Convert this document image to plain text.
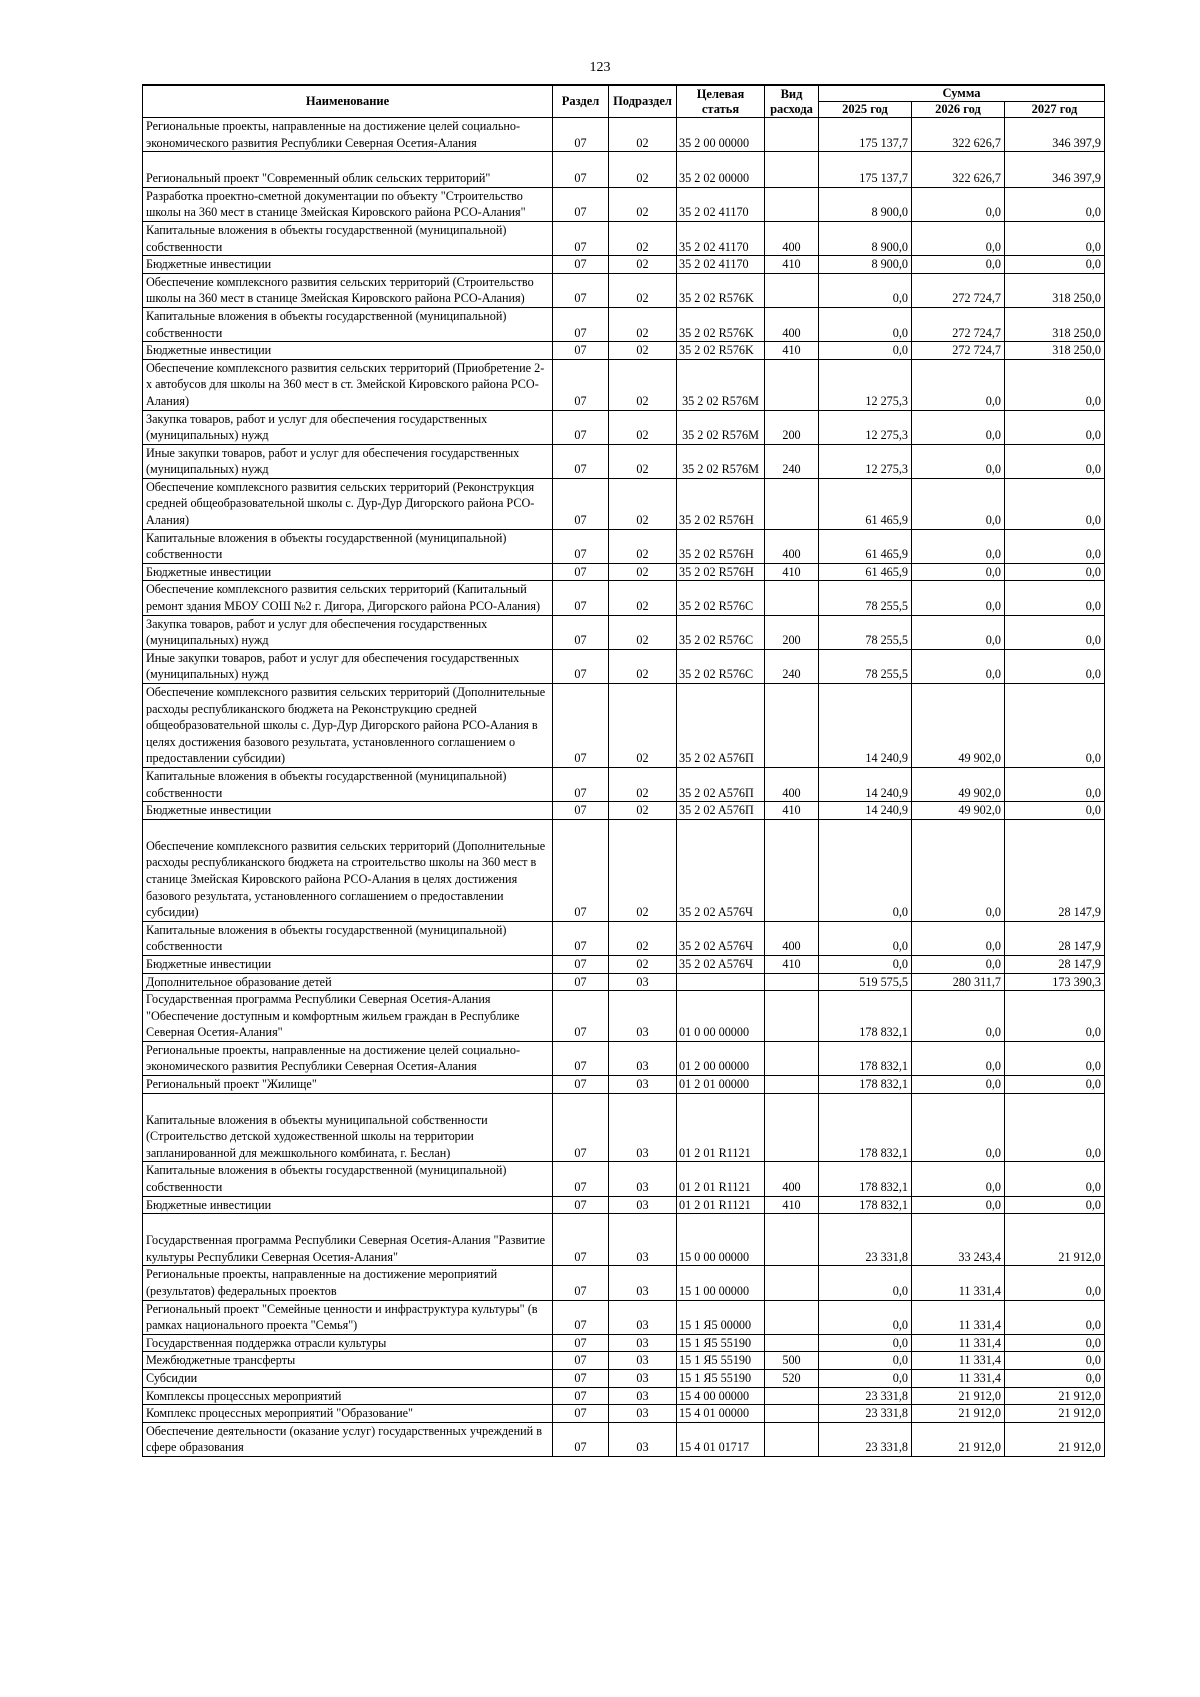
123
Наименование	Раздел	Подраздел	Целевая статья	Вид расхода	Сумма		
					2025 год	2026 год	2027 год
Региональные проекты, направленные на достижение целей социально-экономического развития Республики Северная Осетия-Алания	07	02	35 2 00 00000		175 137,7	322 626,7	346 397,9
Региональный проект "Современный облик сельских территорий"	07	02	35 2 02 00000		175 137,7	322 626,7	346 397,9
Разработка проектно-сметной документации по объекту "Строительство школы на 360 мест в станице Змейская Кировского района РСО-Алания"	07	02	35 2 02 41170		8 900,0	0,0	0,0
Капитальные вложения в объекты государственной (муниципальной) собственности	07	02	35 2 02 41170	400	8 900,0	0,0	0,0
Бюджетные инвестиции	07	02	35 2 02 41170	410	8 900,0	0,0	0,0
Обеспечение комплексного развития сельских территорий (Строительство школы на 360 мест в станице Змейская Кировского района РСО-Алания)	07	02	35 2 02 R576K		0,0	272 724,7	318 250,0
Капитальные вложения в объекты государственной (муниципальной) собственности	07	02	35 2 02 R576K	400	0,0	272 724,7	318 250,0
Бюджетные инвестиции	07	02	35 2 02 R576K	410	0,0	272 724,7	318 250,0
Обеспечение комплексного развития сельских территорий (Приобретение 2-х автобусов для школы на 360 мест в ст. Змейской Кировского района РСО-Алания)	07	02	35 2 02 R576M		12 275,3	0,0	0,0
Закупка товаров, работ и услуг для обеспечения государственных (муниципальных) нужд	07	02	35 2 02 R576M	200	12 275,3	0,0	0,0
Иные закупки товаров, работ и услуг для обеспечения государственных (муниципальных) нужд	07	02	35 2 02 R576M	240	12 275,3	0,0	0,0
Обеспечение комплексного развития сельских территорий (Реконструкция средней общеобразовательной школы с. Дур-Дур Дигорского района РСО-Алания)	07	02	35 2 02 R576H		61 465,9	0,0	0,0
Капитальные вложения в объекты государственной (муниципальной) собственности	07	02	35 2 02 R576H	400	61 465,9	0,0	0,0
Бюджетные инвестиции	07	02	35 2 02 R576H	410	61 465,9	0,0	0,0
Обеспечение комплексного развития сельских территорий (Капитальный ремонт здания МБОУ СОШ №2 г. Дигора, Дигорского района РСО-Алания)	07	02	35 2 02 R576C		78 255,5	0,0	0,0
Закупка товаров, работ и услуг для обеспечения государственных (муниципальных) нужд	07	02	35 2 02 R576C	200	78 255,5	0,0	0,0
Иные закупки товаров, работ и услуг для обеспечения государственных (муниципальных) нужд	07	02	35 2 02 R576C	240	78 255,5	0,0	0,0
Обеспечение комплексного развития сельских территорий (Дополнительные расходы республиканского бюджета на Реконструкцию средней общеобразовательной школы с. Дур-Дур Дигорского района РСО-Алания в целях достижения базового результата, установленного соглашением о предоставлении субсидии)	07	02	35 2 02 A576П		14 240,9	49 902,0	0,0
Капитальные вложения в объекты государственной (муниципальной) собственности	07	02	35 2 02 A576П	400	14 240,9	49 902,0	0,0
Бюджетные инвестиции	07	02	35 2 02 A576П	410	14 240,9	49 902,0	0,0
Обеспечение комплексного развития сельских территорий (Дополнительные расходы республиканского бюджета на строительство школы на 360 мест в станице Змейская Кировского района РСО-Алания в целях достижения базового результата, установленного соглашением о предоставлении субсидии)	07	02	35 2 02 A576Ч		0,0	0,0	28 147,9
Капитальные вложения в объекты государственной (муниципальной) собственности	07	02	35 2 02 A576Ч	400	0,0	0,0	28 147,9
Бюджетные инвестиции	07	02	35 2 02 A576Ч	410	0,0	0,0	28 147,9
Дополнительное образование детей	07	03			519 575,5	280 311,7	173 390,3
Государственная программа Республики Северная Осетия-Алания "Обеспечение доступным и комфортным жильем граждан в Республике Северная Осетия-Алания"	07	03	01 0 00 00000		178 832,1	0,0	0,0
Региональные проекты, направленные на достижение целей социально-экономического развития Республики Северная Осетия-Алания	07	03	01 2 00 00000		178 832,1	0,0	0,0
Региональный проект "Жилище"	07	03	01 2 01 00000		178 832,1	0,0	0,0
Капитальные вложения в объекты муниципальной собственности (Строительство детской художественной школы на территории запланированной для межшкольного комбината, г. Беслан)	07	03	01 2 01 R1121		178 832,1	0,0	0,0
Капитальные вложения в объекты государственной (муниципальной) собственности	07	03	01 2 01 R1121	400	178 832,1	0,0	0,0
Бюджетные инвестиции	07	03	01 2 01 R1121	410	178 832,1	0,0	0,0
Государственная программа Республики Северная Осетия-Алания "Развитие культуры Республики Северная Осетия-Алания"	07	03	15 0 00 00000		23 331,8	33 243,4	21 912,0
Региональные проекты, направленные на достижение мероприятий (результатов) федеральных проектов	07	03	15 1 00 00000		0,0	11 331,4	0,0
Региональный проект "Семейные ценности и инфраструктура культуры" (в рамках национального проекта "Семья")	07	03	15 1 Я5 00000		0,0	11 331,4	0,0
Государственная поддержка отрасли культуры	07	03	15 1 Я5 55190		0,0	11 331,4	0,0
Межбюджетные трансферты	07	03	15 1 Я5 55190	500	0,0	11 331,4	0,0
Субсидии	07	03	15 1 Я5 55190	520	0,0	11 331,4	0,0
Комплексы процессных мероприятий	07	03	15 4 00 00000		23 331,8	21 912,0	21 912,0
Комплекс процессных мероприятий "Образование"	07	03	15 4 01 00000		23 331,8	21 912,0	21 912,0
Обеспечение деятельности (оказание услуг) государственных учреждений в сфере образования	07	03	15 4 01 01717		23 331,8	21 912,0	21 912,0
